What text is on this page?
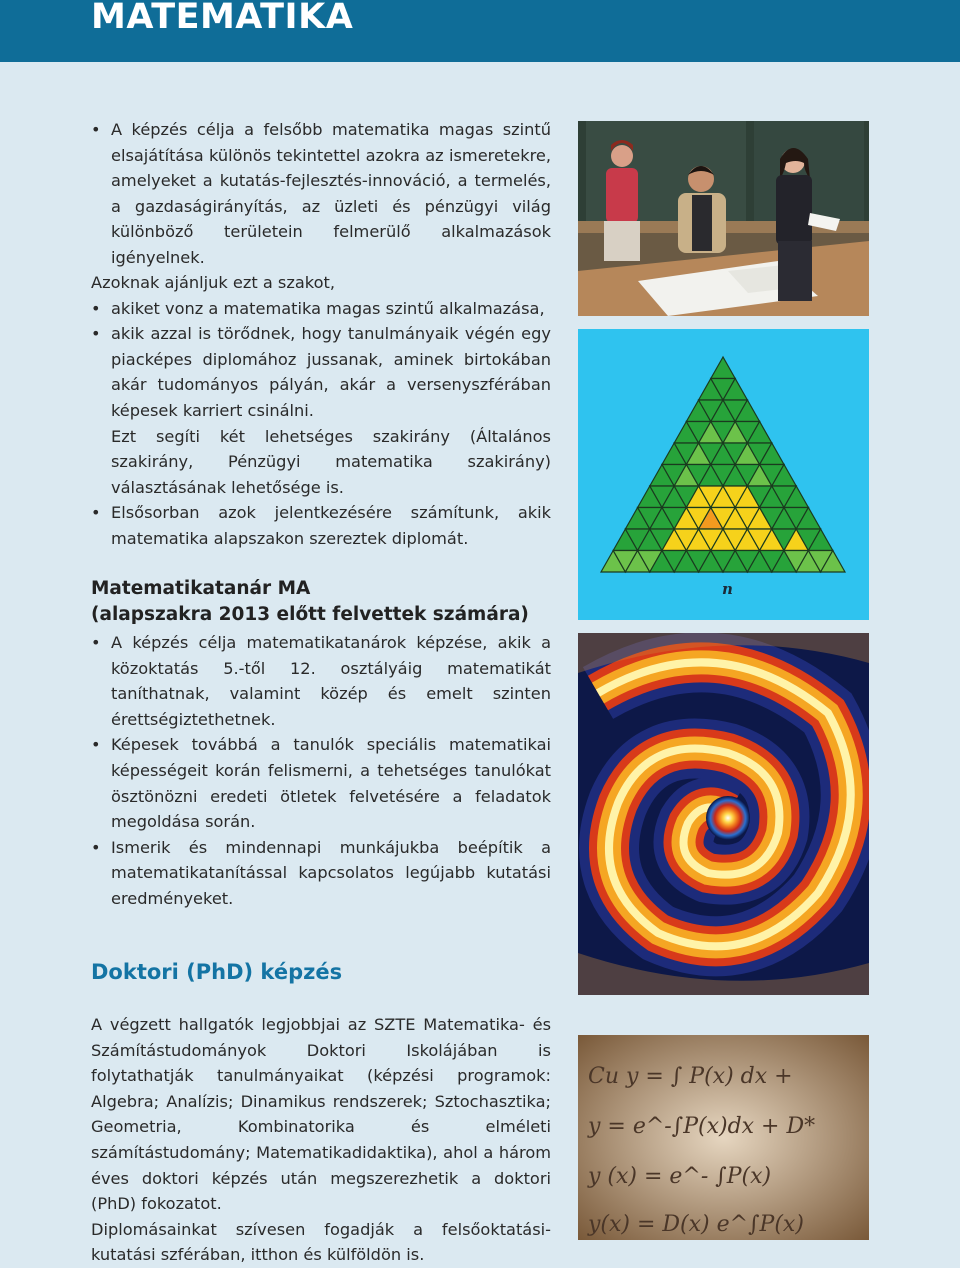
MATEMATIKA
• A képzés célja a felsőbb matematika magas szintű elsajátítása különös tekintettel azokra az ismeretekre, amelyeket a kutatás-fejlesztés-innováció, a termelés, a gazdaságirányítás, az üzleti és pénzügyi világ különböző területein felmerülő alkalmazások igényelnek.

Azoknak ajánljuk ezt a szakot,

• akiket vonz a matematika magas szintű alkalmazása,
• akik azzal is törődnek, hogy tanulmányaik végén egy piacképes diplomához jussanak, aminek birtokában akár tudományos pályán, akár a versenyszférában képesek karriert csinálni.

Ezt segíti két lehetséges szakirány (Általános szakirány, Pénzügyi matematika szakirány) választásának lehetősége is.

• Elsősorban azok jelentkezésére számítunk, akik matematika alapszakon szereztek diplomát.
Matematikatanár MA
(alapszakra 2013 előtt felvettek számára)
• A képzés célja matematikatanárok képzése, akik a közoktatás 5.-től 12. osztályáig matematikát taníthatnak, valamint közép és emelt szinten érettségiztethetnek.
• Képesek továbbá a tanulók speciális matematikai képességeit korán felismerni, a tehetséges tanulókat ösztönözni eredeti ötletek felvetésére a feladatok megoldása során.
• Ismerik és mindennapi munkájukba beépítik a matematikatanítással kapcsolatos legújabb kutatási eredményeket.
Doktori (PhD) képzés

A végzett hallgatók legjobbjai az SZTE Matematika- és Számítástudományok Doktori Iskolájában is folytathatják tanulmányaikat (képzési programok: Algebra; Analízis; Dinamikus rendszerek; Sztochasztika; Geometria, Kombinatorika és elméleti számítástudomány; Matematikadidaktika), ahol a három éves doktori képzés után megszerezhetik a doktori (PhD) fokozatot.

Diplomásainkat szívesen fogadják a felsőoktatási-kutatási szférában, itthon és külföldön is.

n
Cu y = ∫ P(x) dx +
y = e^-∫P(x)dx + D*
y (x) = e^- ∫P(x)
y(x) = D(x) e^∫P(x)
